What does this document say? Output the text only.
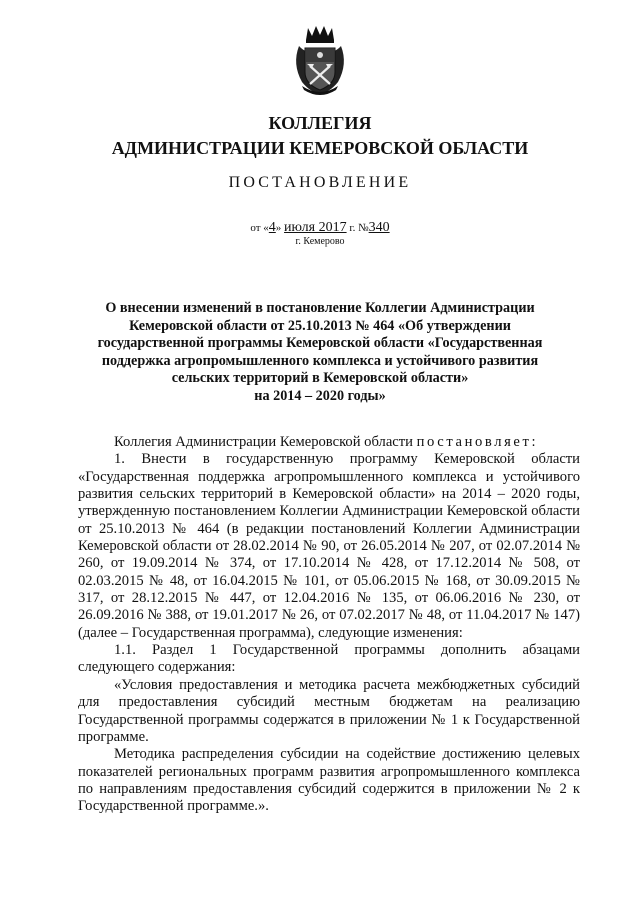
КОЛЛЕГИЯ
АДМИНИСТРАЦИИ КЕМЕРОВСКОЙ ОБЛАСТИ
ПОСТАНОВЛЕНИЕ
от «4» июля 2017 г. №340
г. Кемерово
О внесении изменений в постановление Коллегии Администрации
Кемеровской области от 25.10.2013 № 464 «Об утверждении
государственной программы Кемеровской области «Государственная
поддержка агропромышленного комплекса и устойчивого развития
сельских территорий в Кемеровской области»
на 2014 – 2020 годы»

Коллегия Администрации Кемеровской области постановляет:

1. Внести в государственную программу Кемеровской области «Государственная поддержка агропромышленного комплекса и устойчивого развития сельских территорий в Кемеровской области» на 2014 – 2020 годы, утвержденную постановлением Коллегии Администрации Кемеровской области от 25.10.2013 № 464 (в редакции постановлений Коллегии Администрации Кемеровской области от 28.02.2014 № 90, от 26.05.2014 № 207, от 02.07.2014 № 260, от 19.09.2014 № 374, от 17.10.2014 № 428, от 17.12.2014 № 508, от 02.03.2015 № 48, от 16.04.2015 № 101, от 05.06.2015 № 168, от 30.09.2015 № 317, от 28.12.2015 № 447, от 12.04.2016 № 135, от 06.06.2016 № 230, от 26.09.2016 № 388, от 19.01.2017 № 26, от 07.02.2017 № 48, от 11.04.2017 № 147) (далее – Государственная программа), следующие изменения:

1.1. Раздел 1 Государственной программы дополнить абзацами следующего содержания:

«Условия предоставления и методика расчета межбюджетных субсидий для предоставления субсидий местным бюджетам на реализацию Государственной программы содержатся в приложении № 1 к Государственной программе.

Методика распределения субсидии на содействие достижению целевых показателей региональных программ развития агропромышленного комплекса по направлениям предоставления субсидий содержится в приложении № 2 к Государственной программе.».
